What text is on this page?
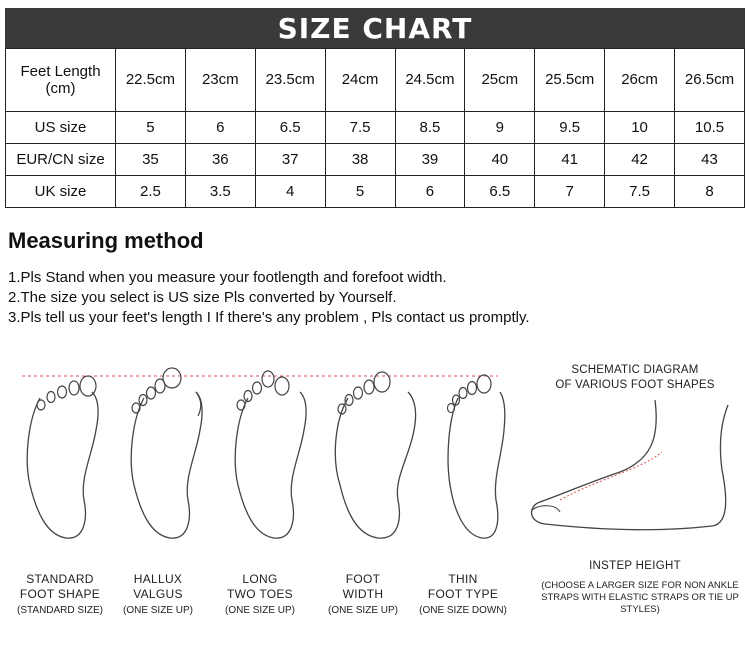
SIZE CHART
Feet Length (cm)	22.5cm	23cm	23.5cm	24cm	24.5cm	25cm	25.5cm	26cm	26.5cm
US size	5	6	6.5	7.5	8.5	9	9.5	10	10.5
EUR/CN size	35	36	37	38	39	40	41	42	43
UK size	2.5	3.5	4	5	6	6.5	7	7.5	8
Measuring method
1.Pls Stand when you measure your footlength and forefoot width.
2.The size you select is US size Pls converted by Yourself.
3.Pls tell us your feet's length I If there's any problem , Pls contact us promptly.
STANDARD
FOOT SHAPE
(STANDARD SIZE)
HALLUX
VALGUS
(ONE SIZE UP)
LONG
TWO TOES
(ONE SIZE UP)
FOOT
WIDTH
(ONE SIZE UP)
THIN
FOOT TYPE
(ONE SIZE DOWN)
SCHEMATIC DIAGRAM
OF VARIOUS FOOT SHAPES
INSTEP HEIGHT
(CHOOSE A LARGER SIZE FOR NON ANKLE STRAPS WITH ELASTIC STRAPS OR TIE UP STYLES)
